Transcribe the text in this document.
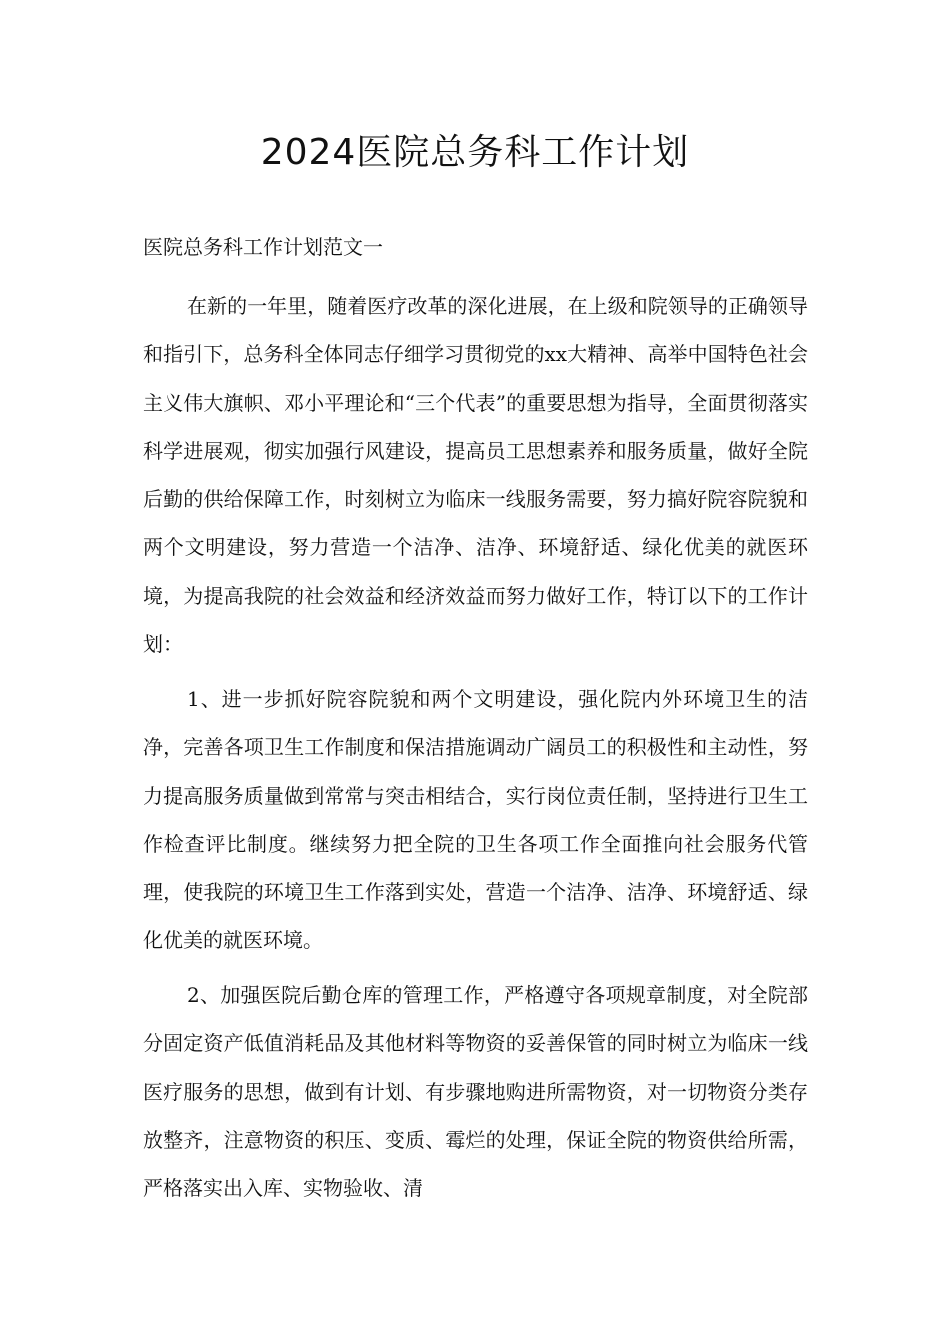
2024医院总务科工作计划

医院总务科工作计划范文一

在新的一年里，随着医疗改革的深化进展，在上级和院领导的正确领导和指引下，总务科全体同志仔细学习贯彻党的xx大精神、高举中国特色社会主义伟大旗帜、邓小平理论和“三个代表”的重要思想为指导，全面贯彻落实科学进展观，彻实加强行风建设，提高员工思想素养和服务质量，做好全院后勤的供给保障工作，时刻树立为临床一线服务需要，努力搞好院容院貌和两个文明建设，努力营造一个洁净、洁净、环境舒适、绿化优美的就医环境，为提高我院的社会效益和经济效益而努力做好工作，特订以下的工作计划：

1、进一步抓好院容院貌和两个文明建设，强化院内外环境卫生的洁净，完善各项卫生工作制度和保洁措施调动广阔员工的积极性和主动性，努力提高服务质量做到常常与突击相结合，实行岗位责任制，坚持进行卫生工作检查评比制度。继续努力把全院的卫生各项工作全面推向社会服务代管理，使我院的环境卫生工作落到实处，营造一个洁净、洁净、环境舒适、绿化优美的就医环境。

2、加强医院后勤仓库的管理工作，严格遵守各项规章制度，对全院部分固定资产低值消耗品及其他材料等物资的妥善保管的同时树立为临床一线医疗服务的思想，做到有计划、有步骤地购进所需物资，对一切物资分类存放整齐，注意物资的积压、变质、霉烂的处理，保证全院的物资供给所需，严格落实出入库、实物验收、清
